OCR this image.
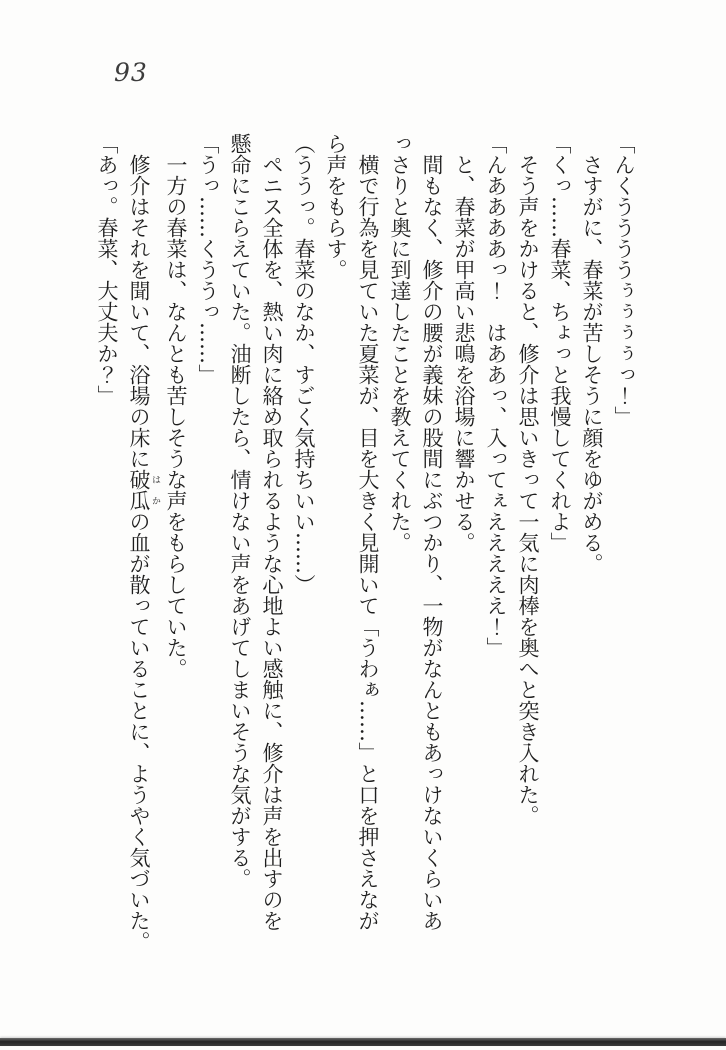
93
「んくううううぅぅぅぅっ！」
さすがに、春菜が苦しそうに顔をゆがめる。
「くっ……春菜、ちょっと我慢してくれよ」
そう声をかけると、修介は思いきって一気に肉棒を奥へと突き入れた。
「んああああっ！　はああっ、入ってぇえええええ！」
と、春菜が甲高い悲鳴を浴場に響かせる。
間もなく、修介の腰が義妹の股間にぶつかり、一物がなんともあっけないくらいあ
っさりと奥に到達したことを教えてくれた。
横で行為を見ていた夏菜が、目を大きく見開いて「うわぁ……」と口を押さえなが
ら声をもらす。
（ううっ。春菜のなか、すごく気持ちいい……）
ペニス全体を、熱い肉に絡め取られるような心地よい感触に、修介は声を出すのを
懸命にこらえていた。油断したら、情けない声をあげてしまいそうな気がする。
「うっ……くううっ……」
一方の春菜は、なんとも苦しそうな声をもらしていた。
修介はそれを聞いて、浴場の床に破 は瓜 かの血が散っていることに、ようやく気づいた。
「あっ。春菜、大丈夫か？」
